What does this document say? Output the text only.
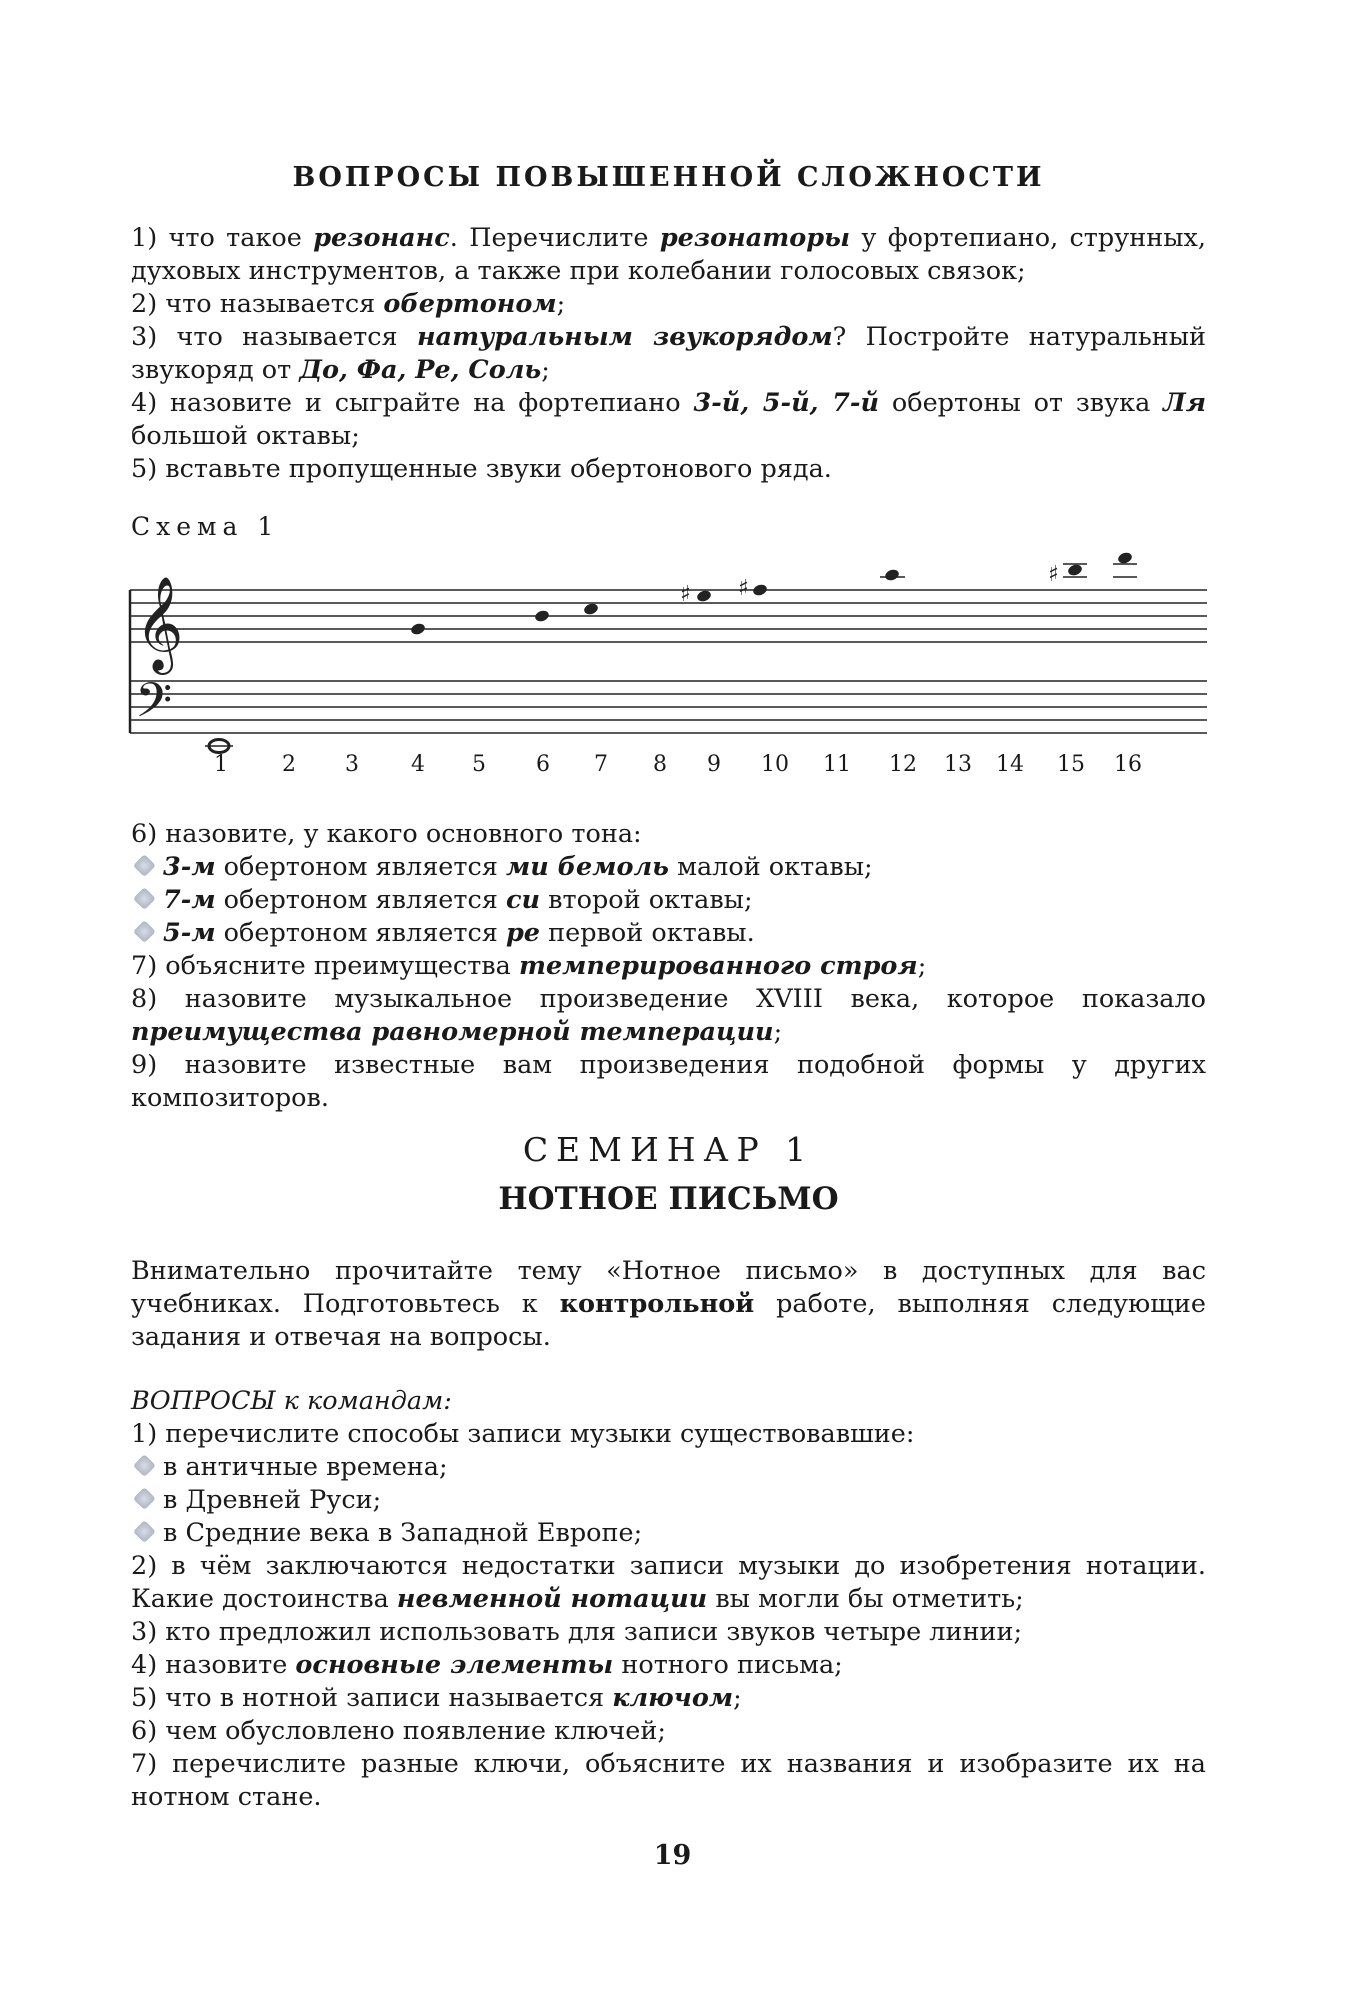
ВОПРОСЫ ПОВЫШЕННОЙ СЛОЖНОСТИ

1) что такое резонанс. Перечислите резонаторы у фортепиано, струнных, духовых инструментов, а также при колебании голосовых связок;

2) что называется обертоном;

3) что называется натуральным звукорядом? Постройте натуральный звукоряд от До, Фа, Ре, Соль;

4) назовите и сыграйте на фортепиано 3-й, 5-й, 7-й обертоны от звука Ля большой октавы;

5) вставьте пропущенные звуки обертонового ряда.

Схема 1
𝄞
𝄢
♯ ♯
♯
1 2 3 4 5 6 7 8 9 10 11 12 13 14 15 16

6) назовите, у какого основного тона:

3-м обертоном является ми бемоль малой октавы;
7-м обертоном является си второй октавы;
5-м обертоном является ре первой октавы.

7) объясните преимущества темперированного строя;

8) назовите музыкальное произведение XVIII века, которое показало преимущества равномерной темперации;

9) назовите известные вам произведения подобной формы у других композиторов.

СЕМИНАР 1

НОТНОЕ ПИСЬМО

Внимательно прочитайте тему «Нотное письмо» в доступных для вас учебниках. Подготовьтесь к контрольной работе, выполняя следующие задания и отвечая на вопросы.

ВОПРОСЫ к командам:

1) перечислите способы записи музыки существовавшие:

в античные времена;
в Древней Руси;
в Средние века в Западной Европе;

2) в чём заключаются недостатки записи музыки до изобретения нотации. Какие достоинства невменной нотации вы могли бы отметить;

3) кто предложил использовать для записи звуков четыре линии;

4) назовите основные элементы нотного письма;

5) что в нотной записи называется ключом;

6) чем обусловлено появление ключей;

7) перечислите разные ключи, объясните их названия и изобразите их на нотном стане.

19
